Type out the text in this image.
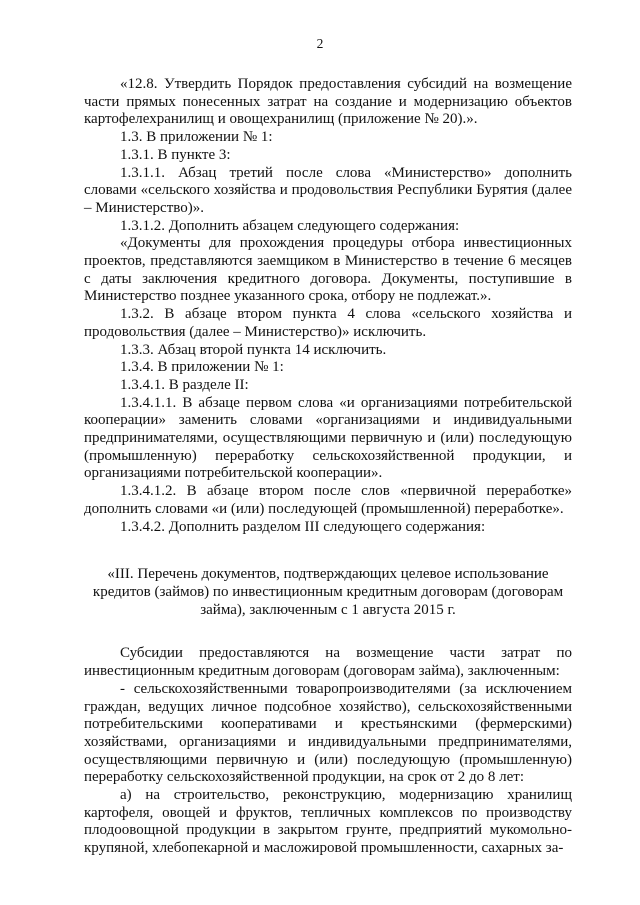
2

«12.8. Утвердить Порядок предоставления субсидий на возмещение части прямых понесенных затрат на создание и модернизацию объектов картофелехранилищ и овощехранилищ (приложение № 20).».

1.3. В приложении № 1:

1.3.1. В пункте 3:

1.3.1.1. Абзац третий после слова «Министерство» дополнить словами «сельского хозяйства и продовольствия Республики Бурятия (далее – Министерство)».

1.3.1.2. Дополнить абзацем следующего содержания:

«Документы для прохождения процедуры отбора инвестиционных проектов, представляются заемщиком в Министерство в течение 6 месяцев с даты заключения кредитного договора. Документы, поступившие в Министерство позднее указанного срока, отбору не подлежат.».

1.3.2. В абзаце втором пункта 4 слова «сельского хозяйства и продовольствия (далее – Министерство)» исключить.

1.3.3. Абзац второй пункта 14 исключить.

1.3.4. В приложении № 1:

1.3.4.1. В разделе II:

1.3.4.1.1. В абзаце первом слова «и организациями потребительской кооперации» заменить словами «организациями и индивидуальными предпринимателями, осуществляющими первичную и (или) последующую (промышленную) переработку сельскохозяйственной продукции, и организациями потребительской кооперации».

1.3.4.1.2. В абзаце втором после слов «первичной переработке» дополнить словами «и (или) последующей (промышленной) переработке».

1.3.4.2. Дополнить разделом III следующего содержания:

«III. Перечень документов, подтверждающих целевое использование кредитов (займов) по инвестиционным кредитным договорам (договорам займа), заключенным с 1 августа 2015 г.

Субсидии предоставляются на возмещение части затрат по инвестиционным кредитным договорам (договорам займа), заключенным:

- сельскохозяйственными товаропроизводителями (за исключением граждан, ведущих личное подсобное хозяйство), сельскохозяйственными потребительскими кооперативами и крестьянскими (фермерскими) хозяйствами, организациями и индивидуальными предпринимателями, осуществляющими первичную и (или) последующую (промышленную) переработку сельскохозяйственной продукции, на срок от 2 до 8 лет:

а) на строительство, реконструкцию, модернизацию хранилищ картофеля, овощей и фруктов, тепличных комплексов по производству плодоовощной продукции в закрытом грунте, предприятий мукомольно-крупяной, хлебопекарной и масложировой промышленности, сахарных за-
